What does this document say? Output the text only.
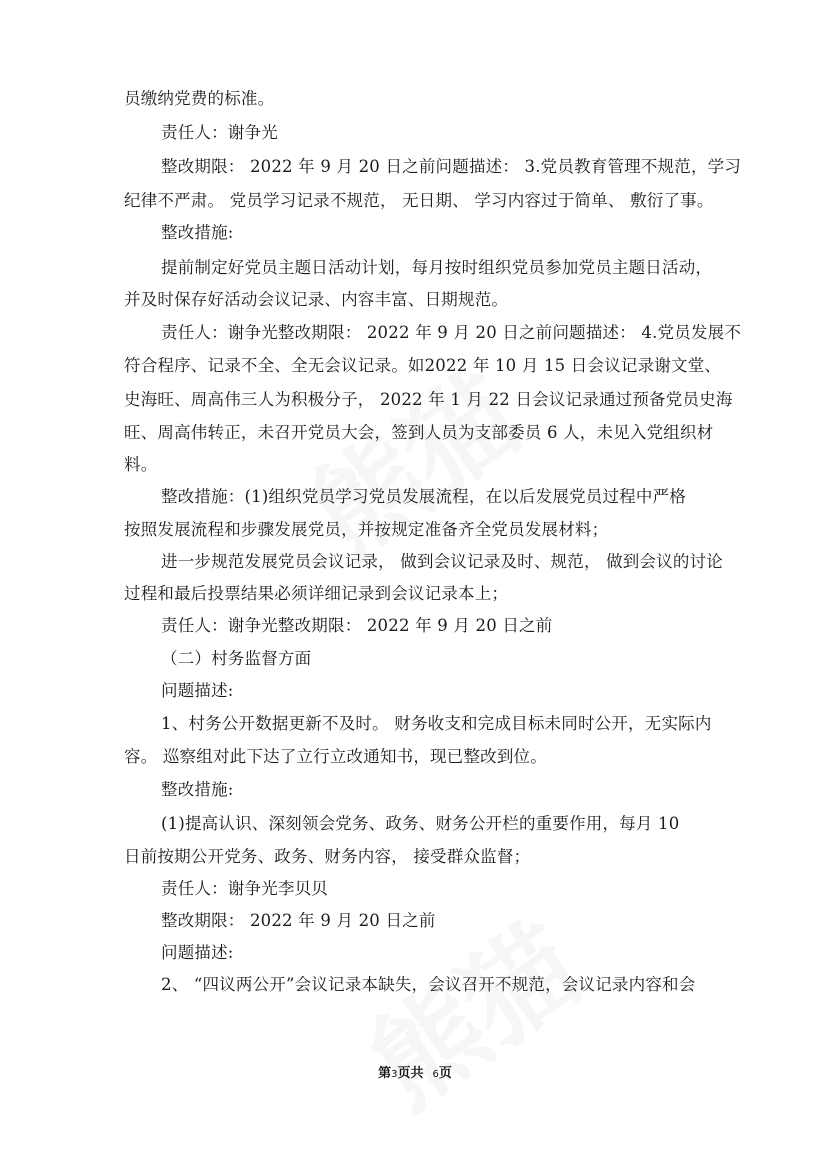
员缴纳党费的标准。
责任人：谢争光
整改期限： 2022 年 9 月 20 日之前问题描述： 3.党员教育管理不规范，学习
纪律不严肃。 党员学习记录不规范， 无日期、 学习内容过于简单、 敷衍了事。
整改措施:
提前制定好党员主题日活动计划，每月按时组织党员参加党员主题日活动，
并及时保存好活动会议记录、内容丰富、日期规范。
责任人：谢争光整改期限： 2022 年 9 月 20 日之前问题描述： 4.党员发展不
符合程序、记录不全、全无会议记录。如2022 年 10 月 15 日会议记录谢文堂、
史海旺、周高伟三人为积极分子， 2022 年 1 月 22 日会议记录通过预备党员史海
旺、周高伟转正，未召开党员大会，签到人员为支部委员 6 人，未见入党组织材
料。
整改措施：(1)组织党员学习党员发展流程，在以后发展党员过程中严格
按照发展流程和步骤发展党员，并按规定准备齐全党员发展材料；
进一步规范发展党员会议记录， 做到会议记录及时、规范， 做到会议的讨论
过程和最后投票结果必须详细记录到会议记录本上；
责任人：谢争光整改期限： 2022 年 9 月 20 日之前
（二）村务监督方面
问题描述:
1、村务公开数据更新不及时。 财务收支和完成目标未同时公开，无实际内
容。 巡察组对此下达了立行立改通知书，现已整改到位。
整改措施:
(1)提高认识、深刻领会党务、政务、财务公开栏的重要作用，每月 10
日前按期公开党务、政务、财务内容， 接受群众监督；
责任人：谢争光李贝贝
整改期限： 2022 年 9 月 20 日之前
问题描述:
2、 “四议两公开”会议记录本缺失，会议召开不规范，会议记录内容和会
第3页共 6页
